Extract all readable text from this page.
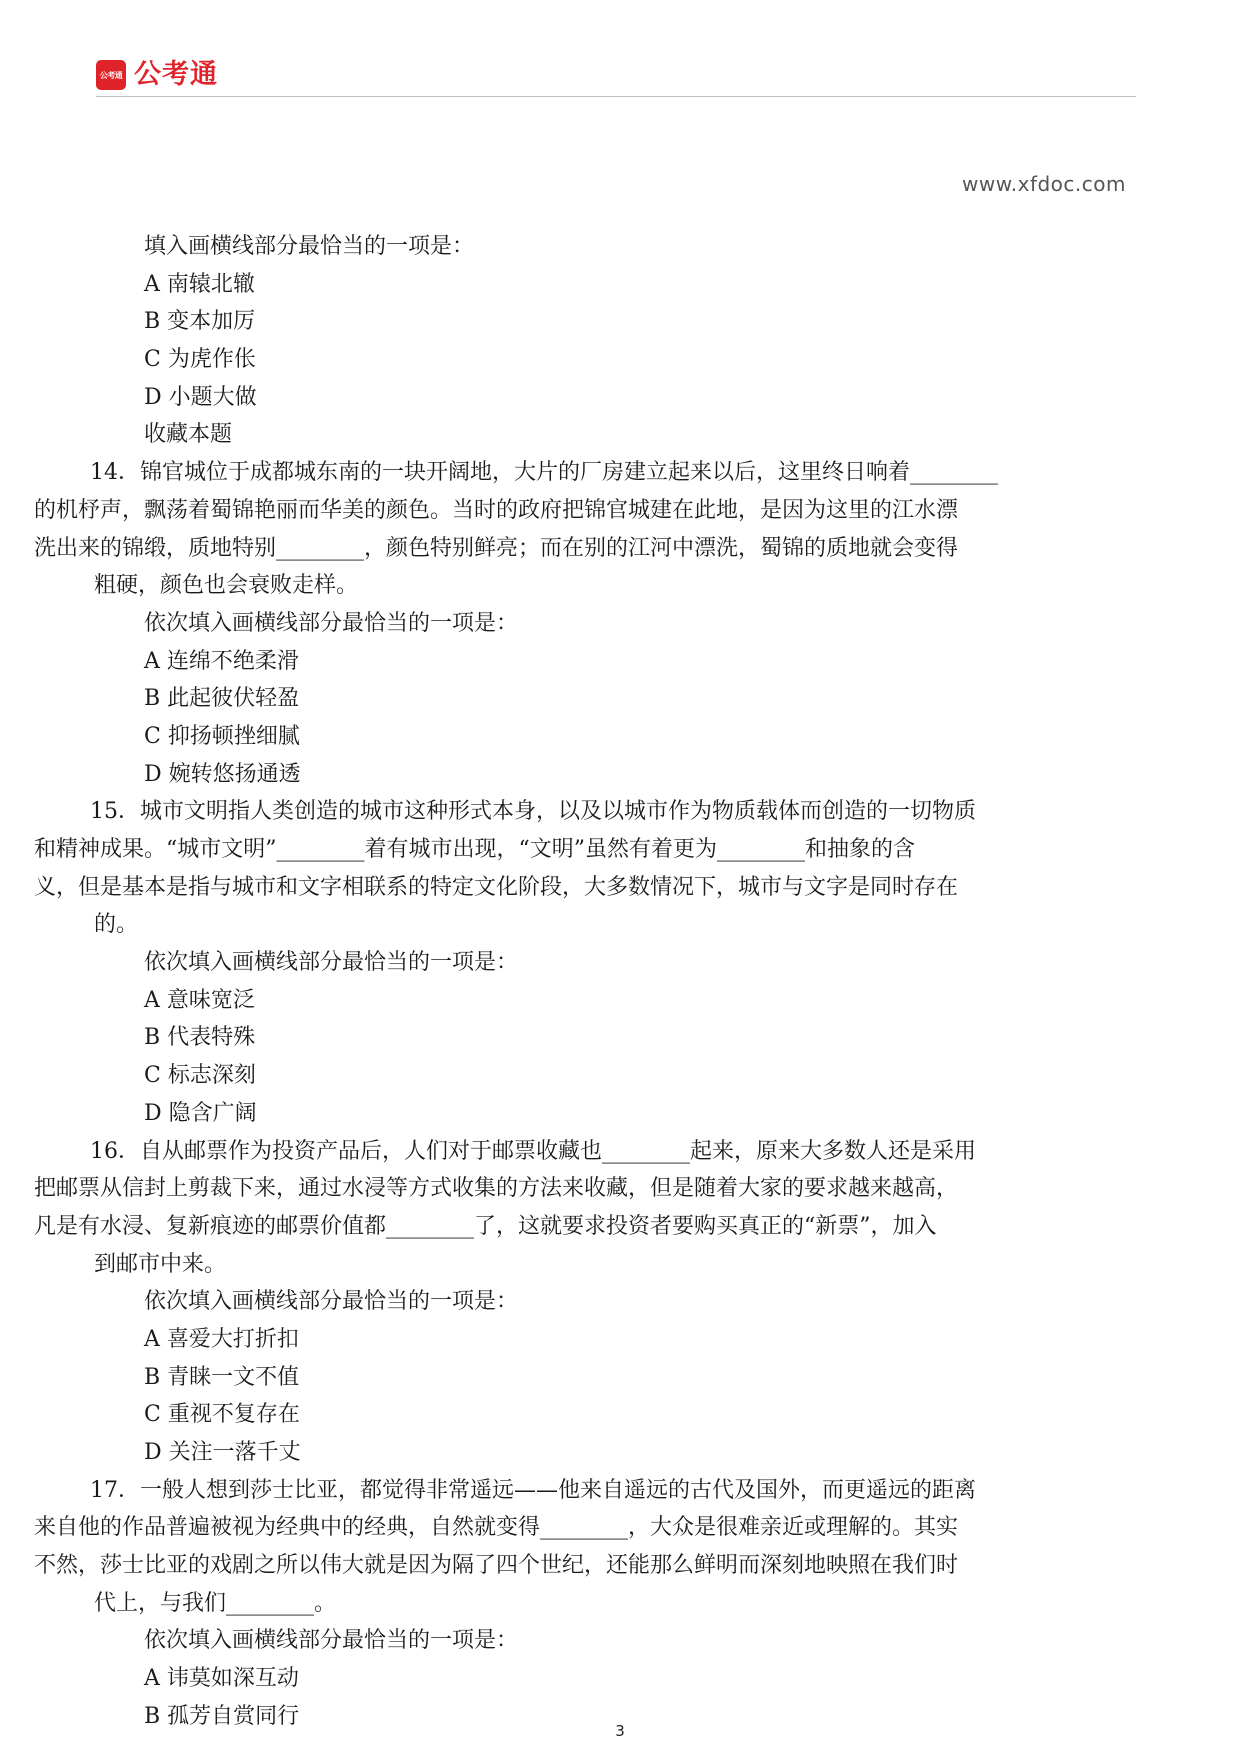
公考通 公考通
www.xfdoc.com
填入画横线部分最恰当的一项是：
A 南辕北辙
B 变本加厉
C 为虎作伥
D 小题大做
收藏本题
14．锦官城位于成都城东南的一块开阔地，大片的厂房建立起来以后，这里终日响着________
的机杼声，飘荡着蜀锦艳丽而华美的颜色。当时的政府把锦官城建在此地，是因为这里的江水漂
洗出来的锦缎，质地特别________，颜色特别鲜亮；而在别的江河中漂洗，蜀锦的质地就会变得
粗硬，颜色也会衰败走样。
依次填入画横线部分最恰当的一项是：
A 连绵不绝柔滑
B 此起彼伏轻盈
C 抑扬顿挫细腻
D 婉转悠扬通透
15．城市文明指人类创造的城市这种形式本身，以及以城市作为物质载体而创造的一切物质
和精神成果。“城市文明”________着有城市出现，“文明”虽然有着更为________和抽象的含
义，但是基本是指与城市和文字相联系的特定文化阶段，大多数情况下，城市与文字是同时存在
的。
依次填入画横线部分最恰当的一项是：
A 意味宽泛
B 代表特殊
C 标志深刻
D 隐含广阔
16．自从邮票作为投资产品后，人们对于邮票收藏也________起来，原来大多数人还是采用
把邮票从信封上剪裁下来，通过水浸等方式收集的方法来收藏，但是随着大家的要求越来越高，
凡是有水浸、复新痕迹的邮票价值都________了，这就要求投资者要购买真正的“新票”，加入
到邮市中来。
依次填入画横线部分最恰当的一项是：
A 喜爱大打折扣
B 青睐一文不值
C 重视不复存在
D 关注一落千丈
17．一般人想到莎士比亚，都觉得非常遥远——他来自遥远的古代及国外，而更遥远的距离
来自他的作品普遍被视为经典中的经典，自然就变得________，大众是很难亲近或理解的。其实
不然，莎士比亚的戏剧之所以伟大就是因为隔了四个世纪，还能那么鲜明而深刻地映照在我们时
代上，与我们________。
依次填入画横线部分最恰当的一项是：
A 讳莫如深互动
B 孤芳自赏同行
3
